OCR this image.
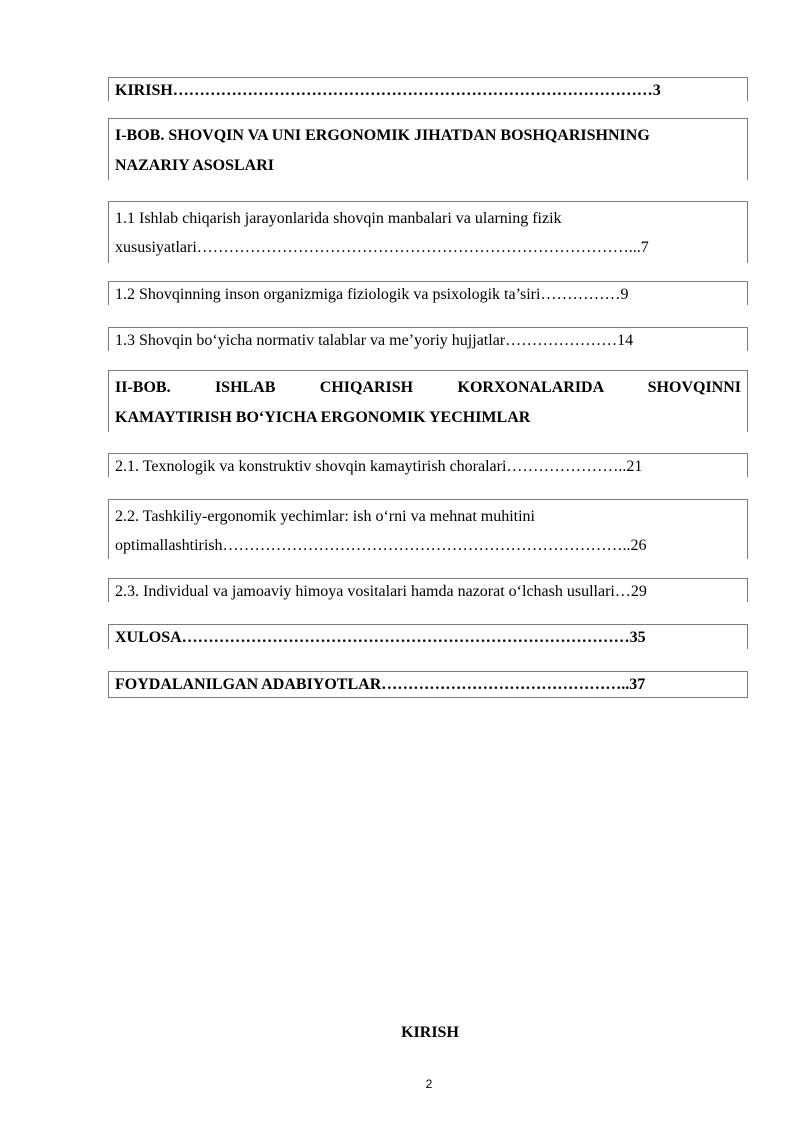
KIRISH………………………………………………………………………………3
I-BOB. SHOVQIN VA UNI ERGONOMIK JIHATDAN BOSHQARISHNING
NAZARIY ASOSLARI
1.1 Ishlab chiqarish jarayonlarida shovqin manbalari va ularning fizik
xususiyatlari………………………………………………………………………...7
1.2 Shovqinning inson organizmiga fiziologik va psixologik ta’siri……………9
1.3 Shovqin bo‘yicha normativ talablar va me’yoriy hujjatlar…………………14
II-BOB. ISHLAB CHIQARISH KORXONALARIDA SHOVQINNI
KAMAYTIRISH BO‘YICHA ERGONOMIK YECHIMLAR
2.1. Texnologik va konstruktiv shovqin kamaytirish choralari…………………..21
2.2. Tashkiliy-ergonomik yechimlar: ish o‘rni va mehnat muhitini
optimallashtirish…………………………………………………………………..26
2.3. Individual va jamoaviy himoya vositalari hamda nazorat o‘lchash usullari…29
XULOSA…………………………………………………………………………35
FOYDALANILGAN ADABIYOTLAR………………………………………..37
KIRISH
2
